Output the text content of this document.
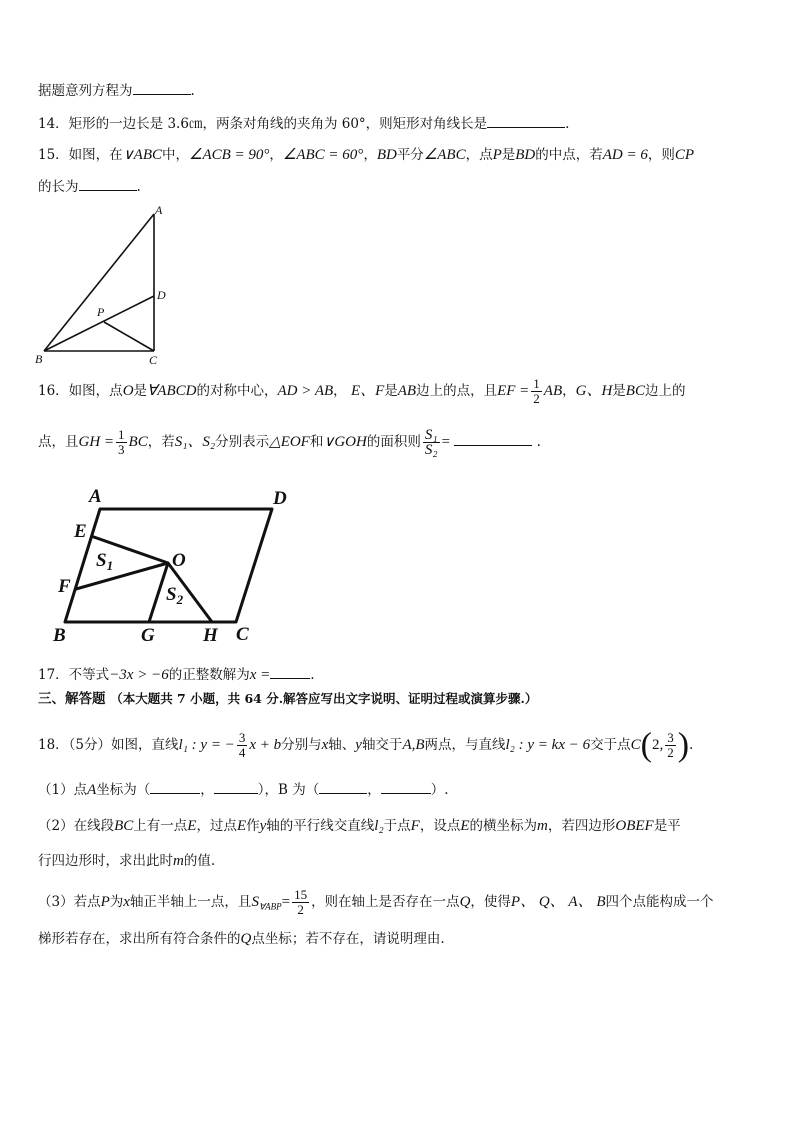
据题意列方程为	.
14．矩形的一边长是 3.6㎝，两条对角线的夹角为 60°，则矩形对角线长是	.
15．如图，在∨ABC中，∠ACB = 90°，∠ABC = 60°，BD平分∠ABC，点P是BD的中点，若AD = 6，则CP
的长为	.
A
D
P
B	C
16．如图，点O是∀ABCD的对称中心，AD > AB， E、F是AB边上的点，且EF = $\frac{1}{2}$ AB，G、H是BC边上的
点，且GH = $\frac{1}{3}$ BC，若S₁、S₂分别表示△EOF和∨GOH的面积则 $\frac{\text{S₁}}{\text{S₂}}$ =	.
A	D
E
O
F
B	G	H C
$S_1$
$S_2$
17．不等式−3x > −6的正整数解为x =	.
三、解答题 （本大题共 7 小题，共 64 分.解答应写出文字说明、证明过程或演算步骤.）
18．（5分）如图，直线l₁ : y = − $\frac{3}{4}$ x + b分别与x轴、y轴交于A,B两点，与直线l₂ : y = kx − 6交于点C(2, $\frac{3}{2}$ ).
（1）点A坐标为（	，	），B 为（	，	）.
（2）在线段BC上有一点E，过点E作y轴的平行线交直线l₂于点F，设点E的横坐标为m，若四边形OBEF是平
行四边形时，求出此时m的值.
（3）若点P为x轴正半轴上一点，且$S_{\forall ABP}= \frac{15}{2}$ ，则在轴上是否存在一点Q，使得P、 Q、 A、 B四个点能构成一个
梯形若存在，求出所有符合条件的Q点坐标；若不存在，请说明理由.
